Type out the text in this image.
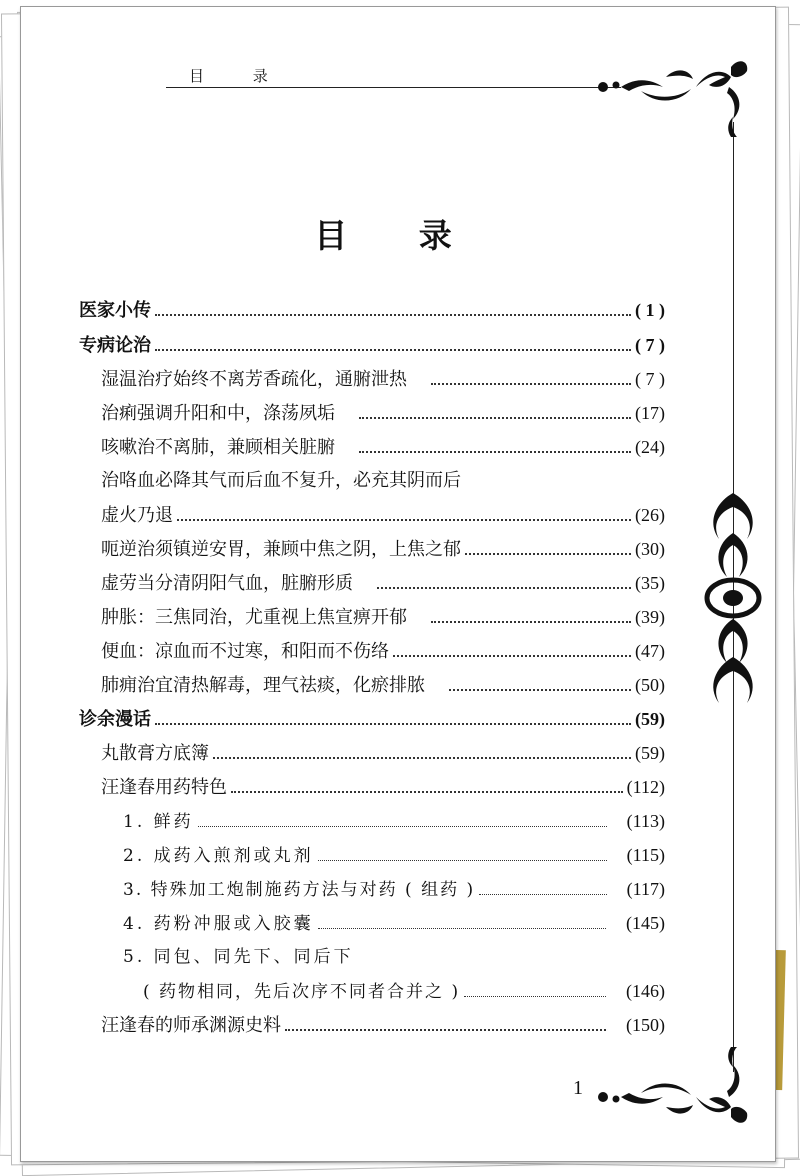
目 录
目 录
医家小传	( 1 )
专病论治	( 7 )
湿温治疗始终不离芳香疏化，通腑泄热	( 7 )
治痢强调升阳和中，涤荡夙垢	(17)
咳嗽治不离肺，兼顾相关脏腑	(24)
治咯血必降其气而后血不复升，必充其阴而后
虚火乃退	(26)
呃逆治须镇逆安胃，兼顾中焦之阴，上焦之郁	(30)
虚劳当分清阴阳气血，脏腑形质	(35)
肿胀：三焦同治，尤重视上焦宣痹开郁	(39)
便血：凉血而不过寒，和阳而不伤络	(47)
肺痈治宜清热解毒，理气祛痰，化瘀排脓	(50)
诊余漫话	(59)
丸散膏方底簿	(59)
汪逢春用药特色	(112)
1. 鲜药	(113)
2. 成药入煎剂或丸剂	(115)
3. 特殊加工炮制施药方法与对药 ( 组药 )	(117)
4. 药粉冲服或入胶囊	(145)
5. 同包、同先下、同后下
( 药物相同，先后次序不同者合并之 )	(146)
汪逢春的师承渊源史料	(150)
1
